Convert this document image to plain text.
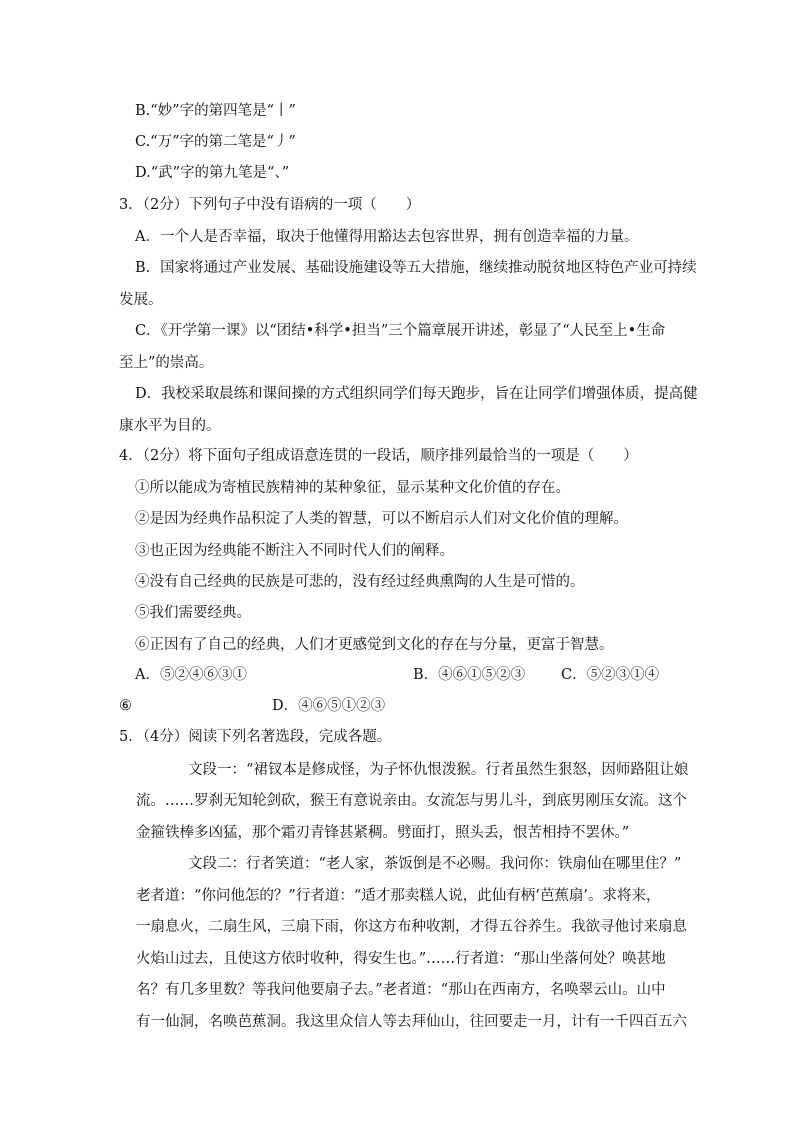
B.“妙”字的第四笔是“丨”
C.“万”字的第二笔是“丿”
D.“武”字的第九笔是“、”
3．（2分）下列句子中没有语病的一项（　　）
A．一个人是否幸福，取决于他懂得用豁达去包容世界，拥有创造幸福的力量。
B．国家将通过产业发展、基础设施建设等五大措施，继续推动脱贫地区特色产业可持续
发展。
C．《开学第一课》以“团结•科学•担当”三个篇章展开讲述，彰显了“人民至上•生命
至上”的崇高。
D．我校采取晨练和课间操的方式组织同学们每天跑步，旨在让同学们增强体质，提高健
康水平为目的。
4．（2分）将下面句子组成语意连贯的一段话，顺序排列最恰当的一项是（　　）
①所以能成为寄植民族精神的某种象征，显示某种文化价值的存在。
②是因为经典作品积淀了人类的智慧，可以不断启示人们对文化价值的理解。
③也正因为经典能不断注入不同时代人们的阐释。
④没有自己经典的民族是可悲的，没有经过经典熏陶的人生是可惜的。
⑤我们需要经典。
⑥正因有了自己的经典，人们才更感觉到文化的存在与分量，更富于智慧。
A．⑤②④⑥③①	B．④⑥①⑤②③ C．⑤②③①④
⑥	D．④⑥⑤①②③
5．（4分）阅读下列名著选段，完成各题。
文段一：“裙钗本是修成怪，为子怀仇恨泼猴。行者虽然生狠怒，因师路阻让娘
流。……罗刹无知轮剑砍，猴王有意说亲由。女流怎与男儿斗，到底男刚压女流。这个
金箍铁棒多凶猛，那个霜刃青锋甚紧稠。劈面打，照头丢，恨苦相持不罢休。”
文段二：行者笑道：“老人家，茶饭倒是不必赐。我问你：铁扇仙在哪里住？”
老者道：“你问他怎的？”行者道：“适才那卖糕人说，此仙有柄‘芭蕉扇’。求将来，
一扇息火，二扇生风，三扇下雨，你这方布种收割，才得五谷养生。我欲寻他讨来扇息
火焰山过去，且使这方依时收种，得安生也。”……行者道：“那山坐落何处？唤甚地
名？有几多里数？等我问他要扇子去。”老者道：“那山在西南方，名唤翠云山。山中
有一仙洞，名唤芭蕉洞。我这里众信人等去拜仙山，往回要走一月，计有一千四百五六
